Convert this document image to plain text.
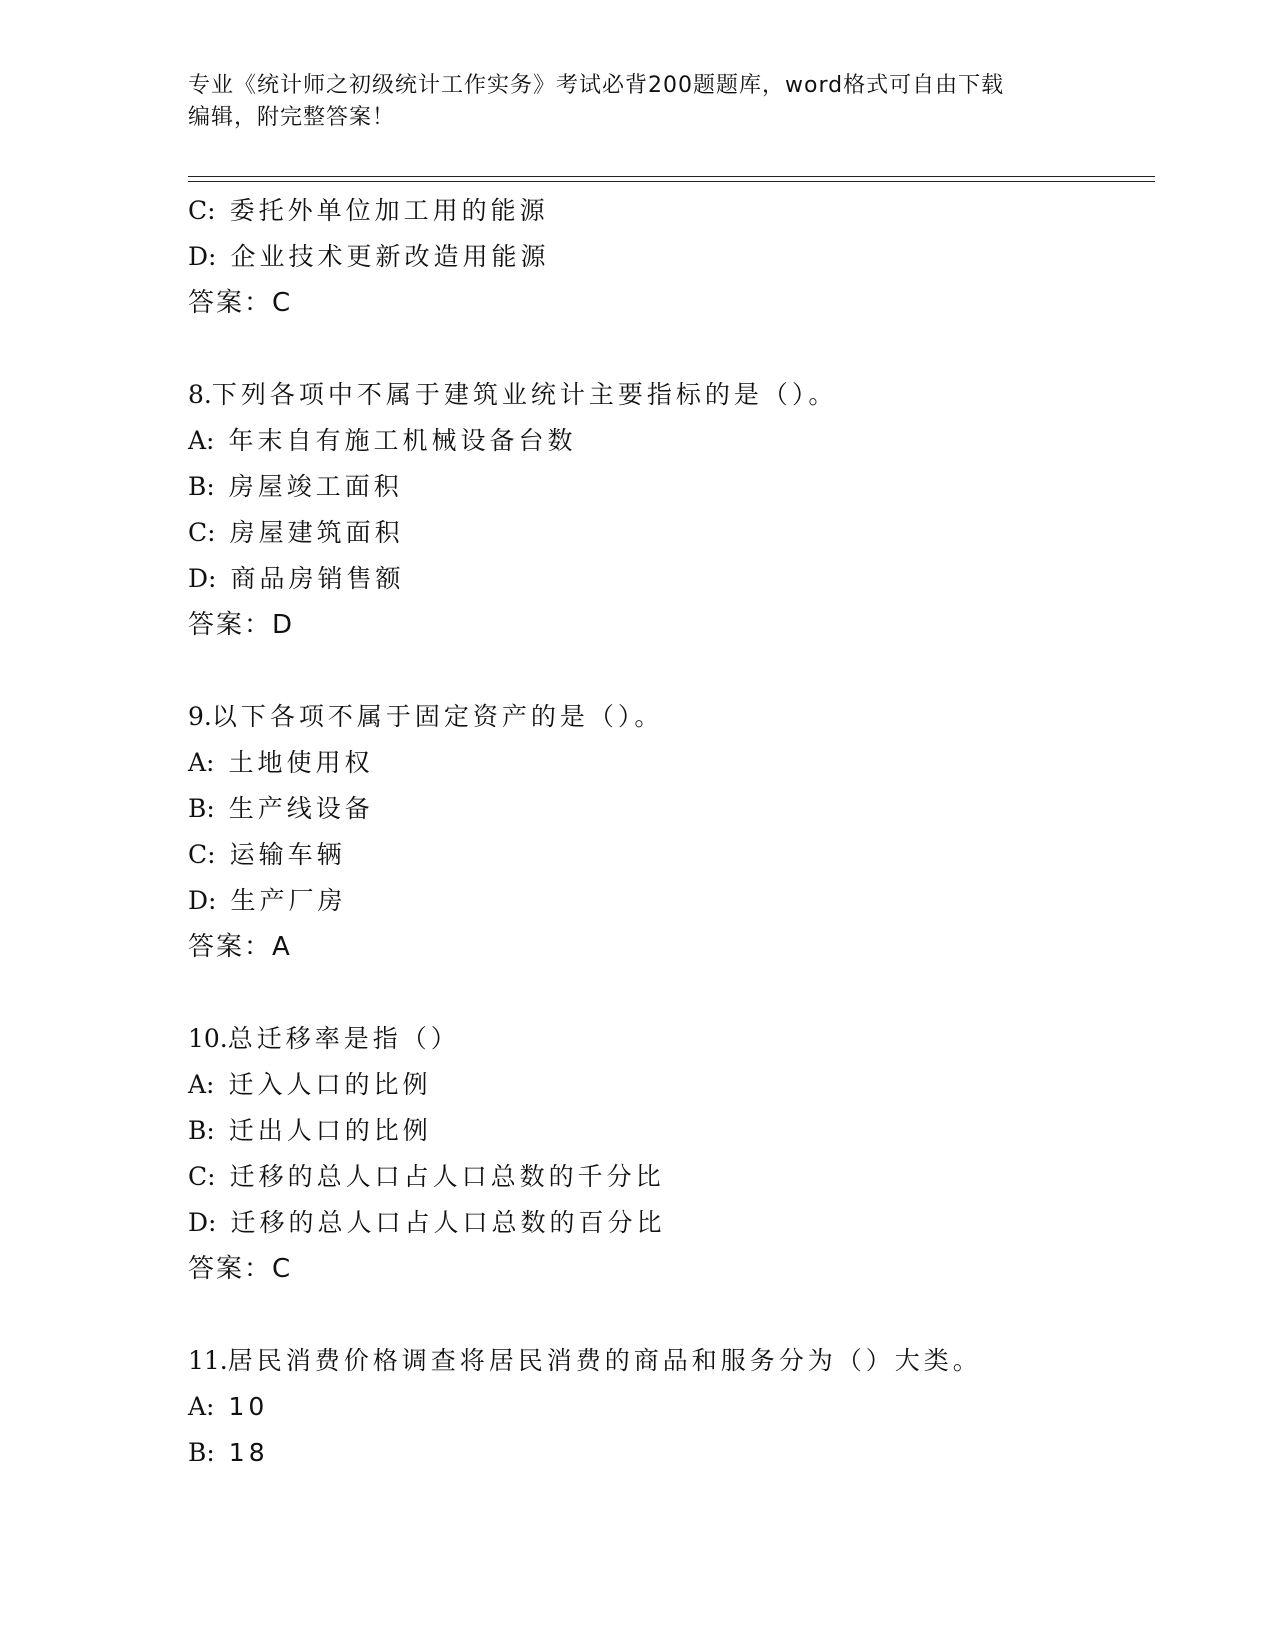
专业《统计师之初级统计工作实务》考试必背200题题库，word格式可自由下载
编辑，附完整答案！
C: 委托外单位加工用的能源
D: 企业技术更新改造用能源
答案：C
8.下列各项中不属于建筑业统计主要指标的是（）。
A: 年末自有施工机械设备台数
B: 房屋竣工面积
C: 房屋建筑面积
D: 商品房销售额
答案：D
9.以下各项不属于固定资产的是（）。
A: 土地使用权
B: 生产线设备
C: 运输车辆
D: 生产厂房
答案：A
10.总迁移率是指（）
A: 迁入人口的比例
B: 迁出人口的比例
C: 迁移的总人口占人口总数的千分比
D: 迁移的总人口占人口总数的百分比
答案：C
11.居民消费价格调查将居民消费的商品和服务分为（）大类。
A: 10
B: 18
